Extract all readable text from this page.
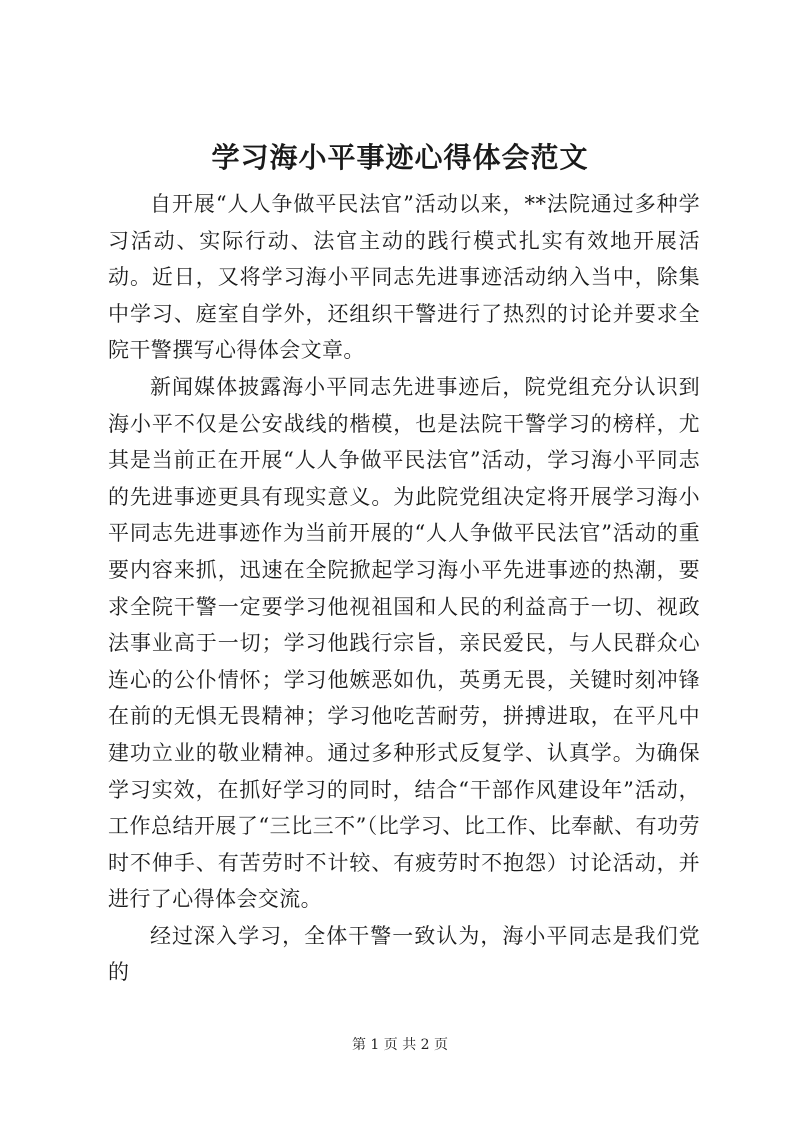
学习海小平事迹心得体会范文

自开展“人人争做平民法官”活动以来，**法院通过多种学习活动、实际行动、法官主动的践行模式扎实有效地开展活动。近日，又将学习海小平同志先进事迹活动纳入当中，除集中学习、庭室自学外，还组织干警进行了热烈的讨论并要求全院干警撰写心得体会文章。

新闻媒体披露海小平同志先进事迹后，院党组充分认识到海小平不仅是公安战线的楷模，也是法院干警学习的榜样，尤其是当前正在开展“人人争做平民法官”活动，学习海小平同志的先进事迹更具有现实意义。为此院党组决定将开展学习海小平同志先进事迹作为当前开展的“人人争做平民法官”活动的重要内容来抓，迅速在全院掀起学习海小平先进事迹的热潮，要求全院干警一定要学习他视祖国和人民的利益高于一切、视政法事业高于一切；学习他践行宗旨，亲民爱民，与人民群众心连心的公仆情怀；学习他嫉恶如仇，英勇无畏，关键时刻冲锋在前的无惧无畏精神；学习他吃苦耐劳，拼搏进取，在平凡中建功立业的敬业精神。通过多种形式反复学、认真学。为确保学习实效，在抓好学习的同时，结合“干部作风建设年”活动，工作总结开展了“三比三不”（比学习、比工作、比奉献、有功劳时不伸手、有苦劳时不计较、有疲劳时不抱怨）讨论活动，并进行了心得体会交流。

经过深入学习，全体干警一致认为，海小平同志是我们党的

第 1 页 共 2 页
